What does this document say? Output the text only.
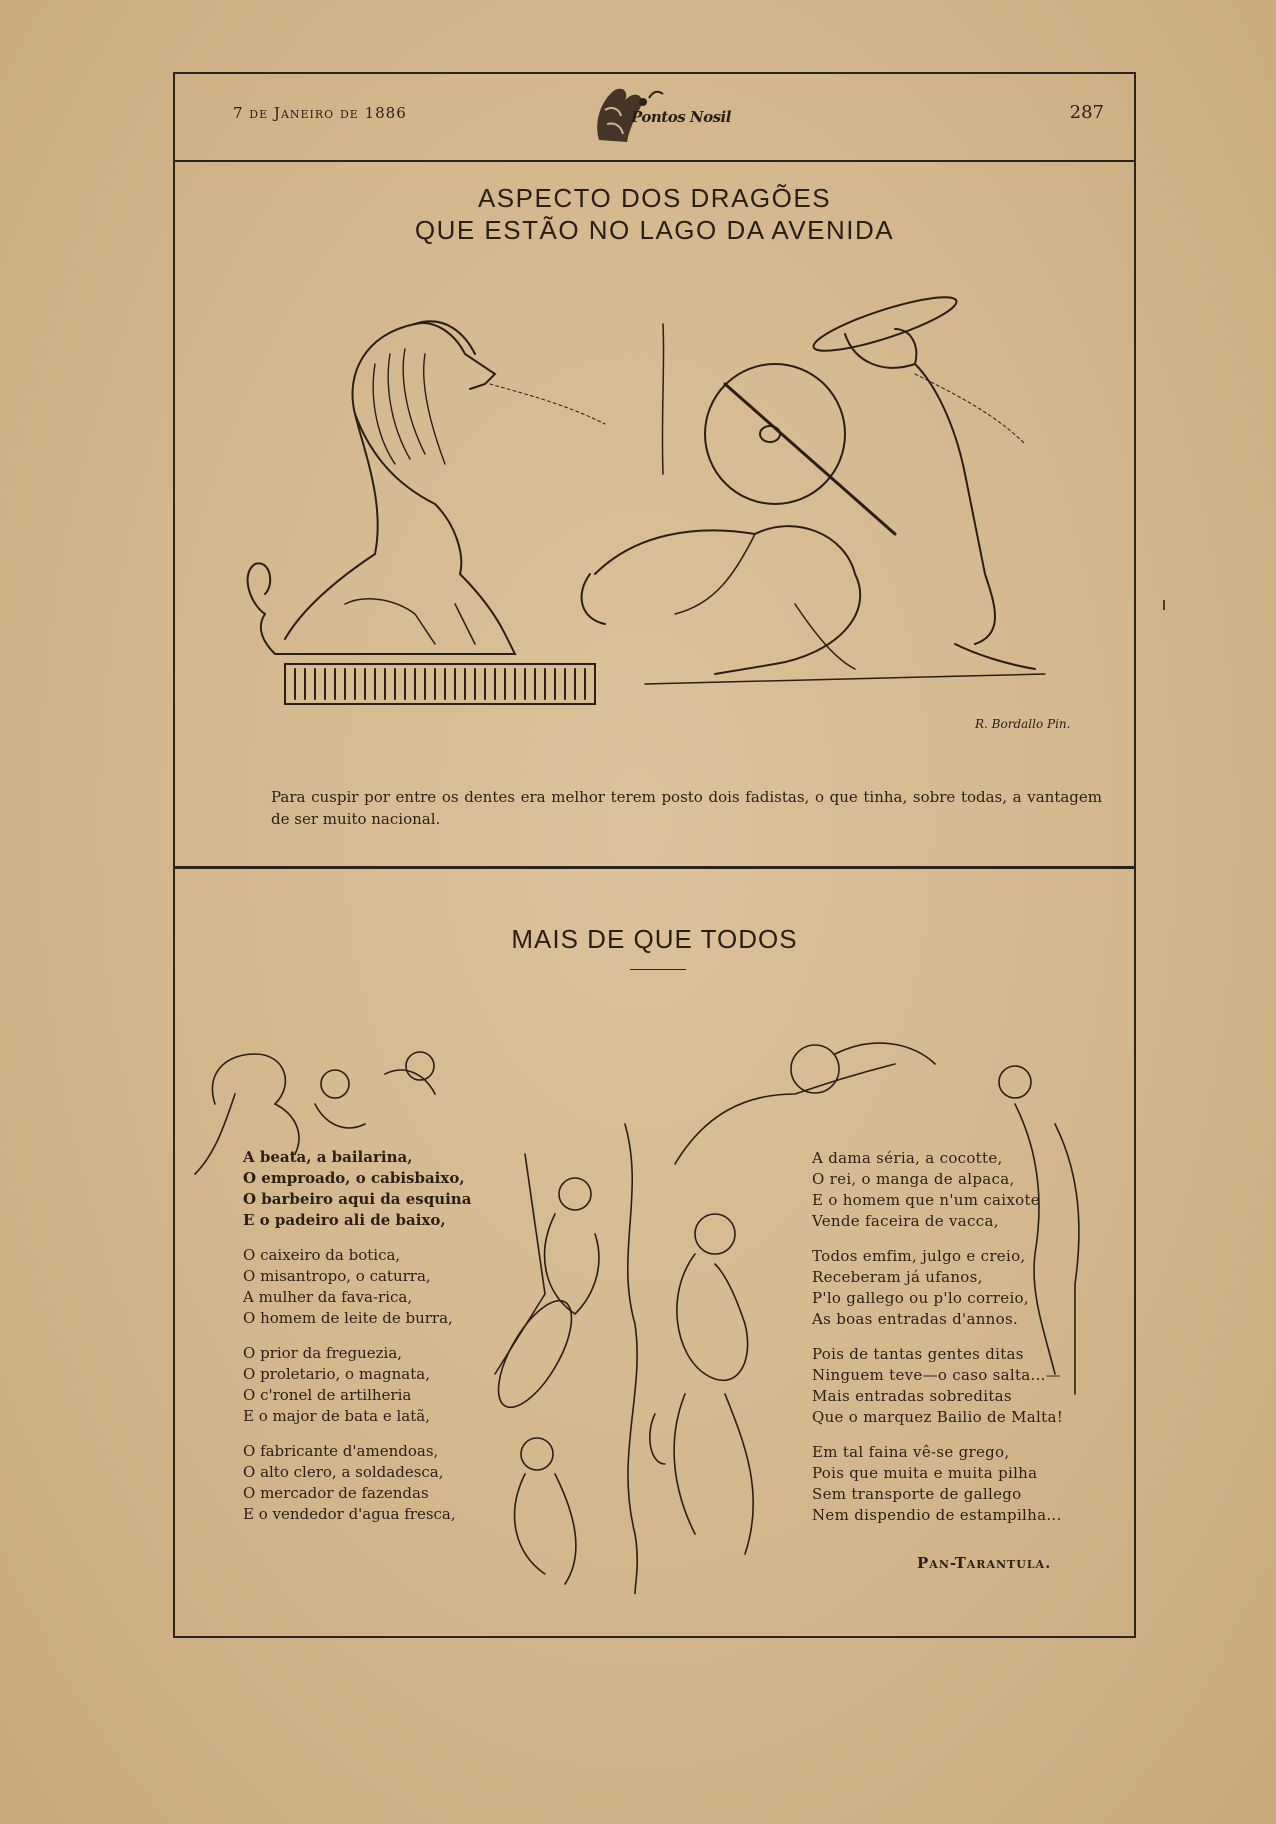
7 de Janeiro de 1886	Pontos Nosil	287
ASPECTO DOS DRAGÕES
QUE ESTÃO NO LAGO DA AVENIDA
R. Bordallo Pin.
Para cuspir por entre os dentes era melhor terem posto dois fadistas, o que tinha, sobre todas, a vantagem de ser muito nacional.
MAIS DE QUE TODOS
A beata, a bailarina,
O emproado, o cabisbaixo,
O barbeiro aqui da esquina
E o padeiro ali de baixo,
O caixeiro da botica,
O misantropo, o caturra,
A mulher da fava-rica,
O homem de leite de burra,
O prior da freguezia,
O proletario, o magnata,
O c'ronel de artilheria
E o major de bata e latã,
O fabricante d'amendoas,
O alto clero, a soldadesca,
O mercador de fazendas
E o vendedor d'agua fresca,
A dama séria, a cocotte,
O rei, o manga de alpaca,
E o homem que n'um caixote
Vende faceira de vacca,
Todos emfim, julgo e creio,
Receberam já ufanos,
P'lo gallego ou p'lo correio,
As boas entradas d'annos.
Pois de tantas gentes ditas
Ninguem teve—o caso salta...—
Mais entradas sobreditas
Que o marquez Bailio de Malta!
Em tal faina vê-se grego,
Pois que muita e muita pilha
Sem transporte de gallego
Nem dispendio de estampilha...
Pan-Tarantula.
